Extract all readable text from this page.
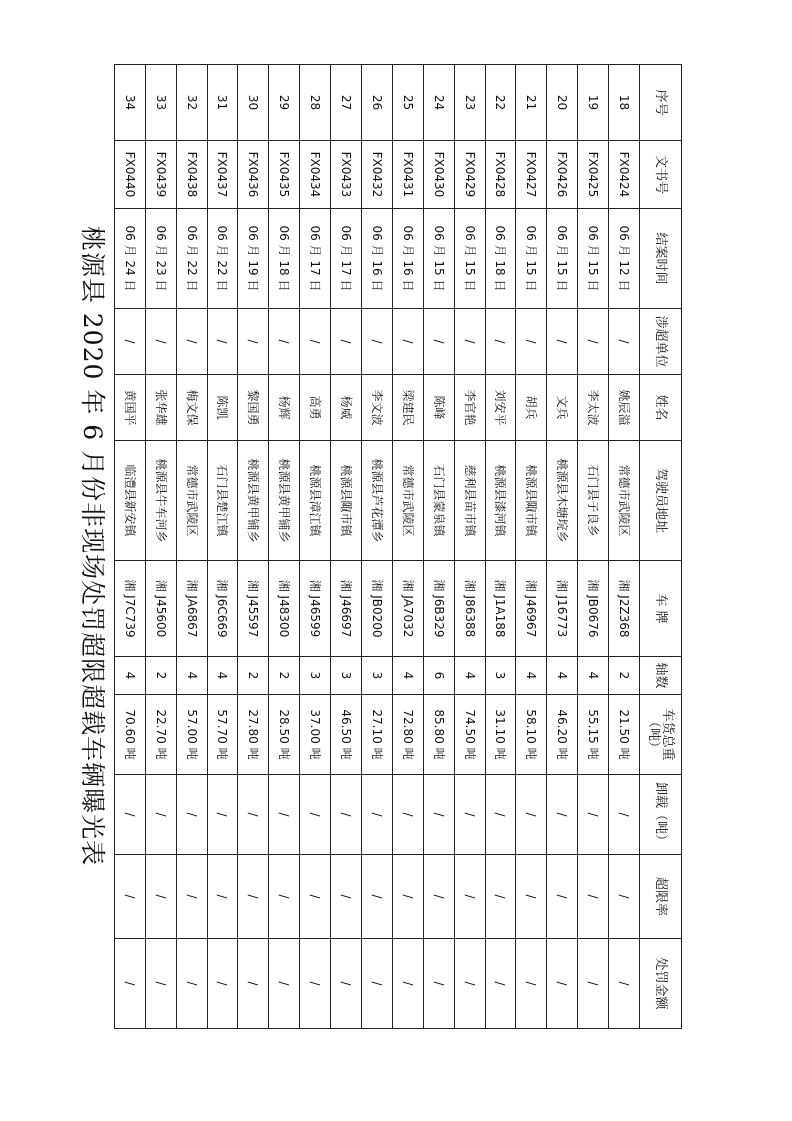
序号	文书号	结案时间	涉超单位	姓名	驾驶员地址	车 牌	轴数	车货总重（吨）	卸载（吨）	超限率	处罚金额
18	FX0424	06 月 12 日	/	姚辰溢	常德市武陵区	湘 J2Z368	2	21.50 吨	/	/	/
19	FX0425	06 月 15 日	/	李太波	石门县子良乡	湘 JB0676	4	55.15 吨	/	/	/
20	FX0426	06 月 15 日	/	文兵	桃源县木塘垸乡	湘 J16773	4	46.20 吨	/	/	/
21	FX0427	06 月 15 日	/	胡兵	桃源县陬市镇	湘 J46967	4	58.10 吨	/	/	/
22	FX0428	06 月 18 日	/	刘安平	桃源县漆河镇	湘 J1A188	3	31.10 吨	/	/	/
23	FX0429	06 月 15 日	/	李官艳	慈利县苗市镇	湘 J86388	4	74.50 吨	/	/	/
24	FX0430	06 月 15 日	/	陈峰	石门县蒙泉镇	湘 J6B329	6	85.80 吨	/	/	/
25	FX0431	06 月 16 日	/	梁建民	常德市武陵区	湘 JA7032	4	72.80 吨	/	/	/
26	FX0432	06 月 16 日	/	李文波	桃源县芦花潭乡	湘 JB0200	3	27.10 吨	/	/	/
27	FX0433	06 月 17 日	/	杨威	桃源县陬市镇	湘 J46697	3	46.50 吨	/	/	/
28	FX0434	06 月 17 日	/	高勇	桃源县漳江镇	湘 J46599	3	37.00 吨	/	/	/
29	FX0435	06 月 18 日	/	杨辉	桃源县黄甲铺乡	湘 J48300	2	28.50 吨	/	/	/
30	FX0436	06 月 19 日	/	黎国勇	桃源县黄甲铺乡	湘 J45597	2	27.80 吨	/	/	/
31	FX0437	06 月 22 日	/	陈凯	石门县楚江镇	湘 J6C669	4	57.70 吨	/	/	/
32	FX0438	06 月 22 日	/	梅文保	常德市武陵区	湘 JA6867	4	57.00 吨	/	/	/
33	FX0439	06 月 23 日	/	张华雄	桃源县牛车河乡	湘 J45600	2	22.70 吨	/	/	/
34	FX0440	06 月 24 日	/	黄国平	临澧县新安镇	湘 J7C739	4	70.60 吨	/	/	/
桃源县 2020 年 6 月份非现场处罚超限超载车辆曝光表
